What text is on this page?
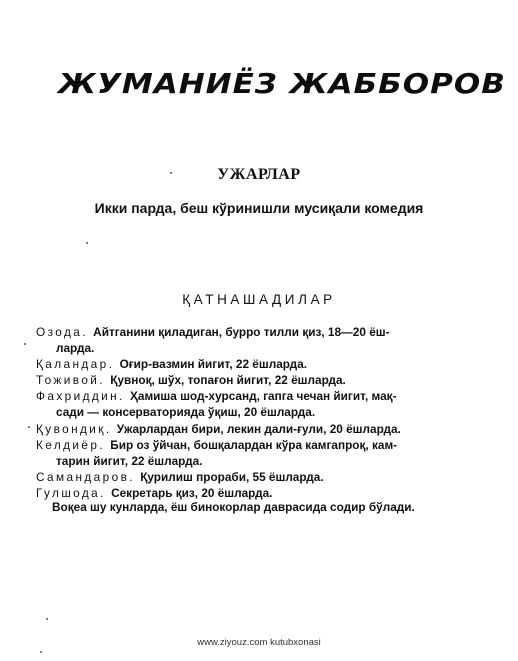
ЖУМАНИЁЗ ЖАББОРОВ
УЖАРЛАР
Икки парда, беш кўринишли мусиқали комедия
ҚАТНАШАДИЛАР
Озода. Айтганини қиладиган, бурро тилли қиз, 18—20 ёш-
ларда.
Қаландар. Оғир-вазмин йигит, 22 ёшларда.
Тоживой. Қувноқ, шўх, топағон йигит, 22 ёшларда.
Фахриддин. Ҳамиша шод-хурсанд, гапга чечан йигит, мақ-
сади — консерваторияда ўқиш, 20 ёшларда.
Қувондиқ. Ужарлардан бири, лекин дали-ғули, 20 ёшларда.
Келдиёр. Бир оз ўйчан, бошқалардан кўра камгапроқ, кам-
тарин йигит, 22 ёшларда.
Самандаров. Қурилиш прораби, 55 ёшларда.
Гулшода. Секретарь қиз, 20 ёшларда.
Воқеа шу кунларда, ёш бинокорлар даврасида содир бўлади.
www.ziyouz.com kutubxonasi
